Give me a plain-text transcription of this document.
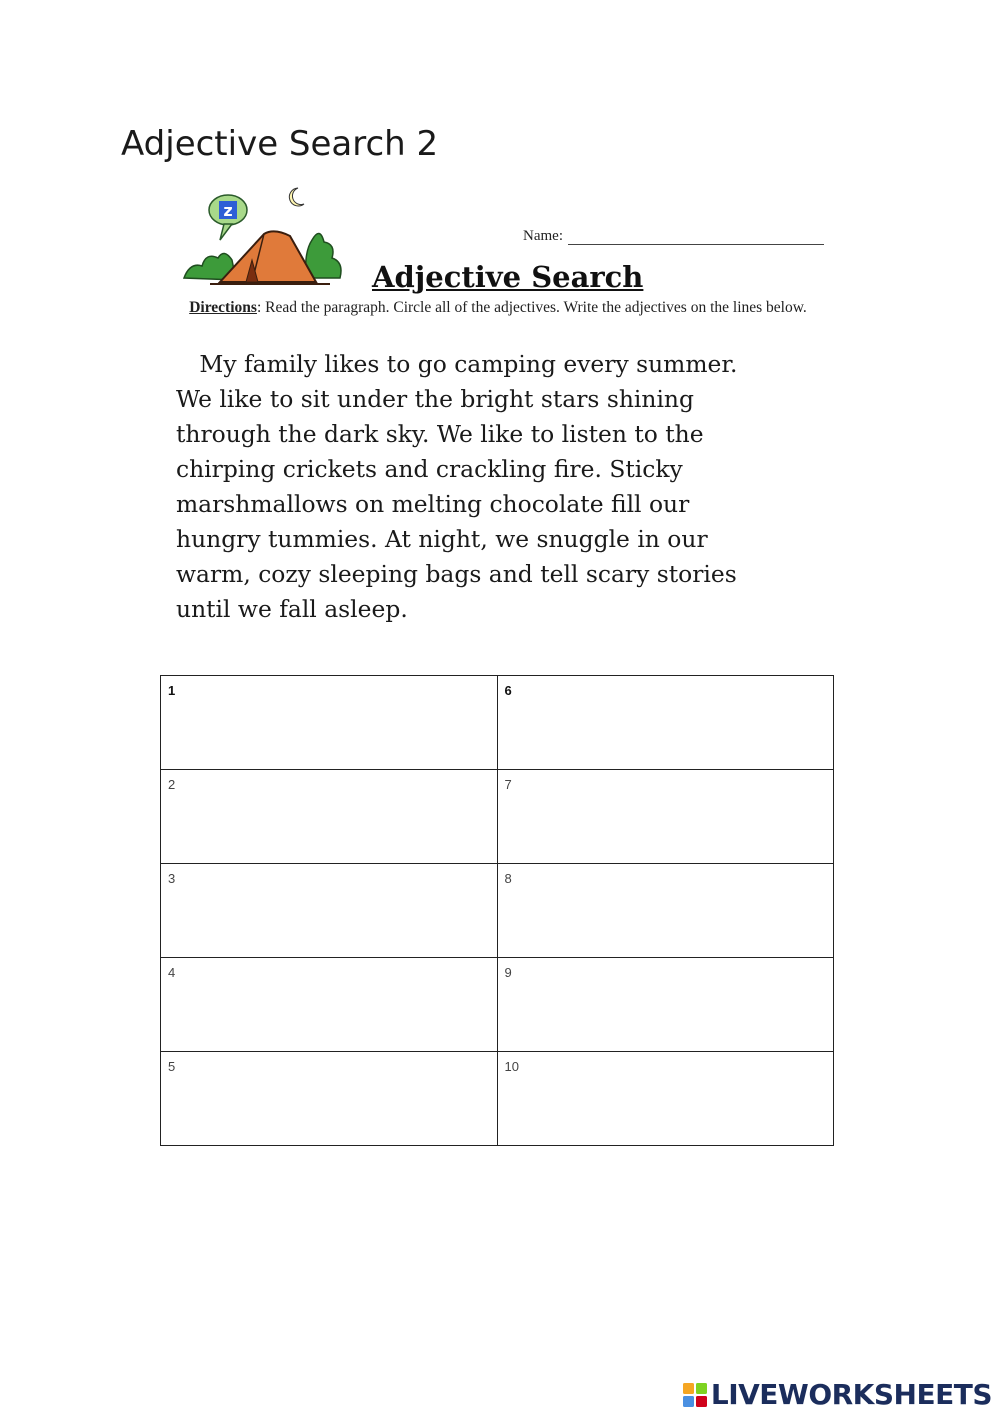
Adjective Search 2
z
Name:
Adjective Search
Directions: Read the paragraph. Circle all of the adjectives. Write the adjectives on the lines below.

 My family likes to go camping every summer.
We like to sit under the bright stars shining
through the dark sky. We like to listen to the
chirping crickets and crackling fire. Sticky
marshmallows on melting chocolate fill our
hungry tummies. At night, we snuggle in our
warm, cozy sleeping bags and tell scary stories
until we fall asleep.

1	6
2	7
3	8
4	9
5	10
LIVEWORKSHEETS
